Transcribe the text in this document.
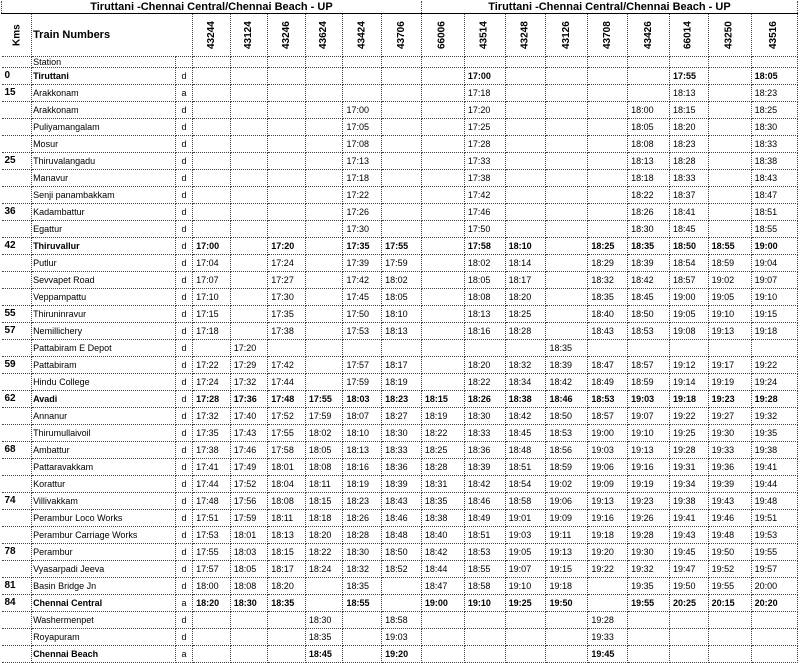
Tiruttani -Chennai Central/Chennai Beach - UP									Tiruttani -Chennai Central/Chennai Beach - UP								
Kms	Train Numbers		43244	43124	43246	43624	43424	43706	66006	43514	43248	43126	43708	43426	66014	43250	43516
	Station																
0	Tiruttani	d								17:00					17:55		18:05
15	Arakkonam	a								17:18					18:13		18:23
	Arakkonam	d					17:00			17:20				18:00	18:15		18:25
	Puliyamangalam	d					17:05			17:25				18:05	18:20		18:30
	Mosur	d					17:08			17:28				18:08	18:23		18:33
25	Thiruvalangadu	d					17:13			17:33				18:13	18:28		18:38
	Manavur	d					17:18			17:38				18:18	18:33		18:43
	Senji panambakkam	d					17:22			17:42				18:22	18:37		18:47
36	Kadambattur	d					17:26			17:46				18:26	18:41		18:51
	Egattur	d					17:30			17:50				18:30	18:45		18:55
42	Thiruvallur	d	17:00		17:20		17:35	17:55		17:58	18:10		18:25	18:35	18:50	18:55	19:00
	Putlur	d	17:04		17:24		17:39	17:59		18:02	18:14		18:29	18:39	18:54	18:59	19:04
	Sevvapet Road	d	17:07		17:27		17:42	18:02		18:05	18:17		18:32	18:42	18:57	19:02	19:07
	Veppampattu	d	17:10		17:30		17:45	18:05		18:08	18:20		18:35	18:45	19:00	19:05	19:10
55	Thiruninravur	d	17:15		17:35		17:50	18:10		18:13	18:25		18:40	18:50	19:05	19:10	19:15
57	Nemillichery	d	17:18		17:38		17:53	18:13		18:16	18:28		18:43	18:53	19:08	19:13	19:18
	Pattabiram E Depot	d		17:20								18:35					
59	Pattabiram	d	17:22	17:29	17:42		17:57	18:17		18:20	18:32	18:39	18:47	18:57	19:12	19:17	19:22
	Hindu College	d	17:24	17:32	17:44		17:59	18:19		18:22	18:34	18:42	18:49	18:59	19:14	19:19	19:24
62	Avadi	d	17:28	17:36	17:48	17:55	18:03	18:23	18:15	18:26	18:38	18:46	18:53	19:03	19:18	19:23	19:28
	Annanur	d	17:32	17:40	17:52	17:59	18:07	18:27	18:19	18:30	18:42	18:50	18:57	19:07	19:22	19:27	19:32
	Thirumullaivoil	d	17:35	17:43	17:55	18:02	18:10	18:30	18:22	18:33	18:45	18:53	19:00	19:10	19:25	19:30	19:35
68	Ambattur	d	17:38	17:46	17:58	18:05	18:13	18:33	18:25	18:36	18:48	18:56	19:03	19:13	19:28	19:33	19:38
	Pattaravakkam	d	17:41	17:49	18:01	18:08	18:16	18:36	18:28	18:39	18:51	18:59	19:06	19:16	19:31	19:36	19:41
	Korattur	d	17:44	17:52	18:04	18:11	18:19	18:39	18:31	18:42	18:54	19:02	19:09	19:19	19:34	19:39	19:44
74	Villivakkam	d	17:48	17:56	18:08	18:15	18:23	18:43	18:35	18:46	18:58	19:06	19:13	19:23	19:38	19:43	19:48
	Perambur Loco Works	d	17:51	17:59	18:11	18:18	18:26	18:46	18:38	18:49	19:01	19:09	19:16	19:26	19:41	19:46	19:51
	Perambur Carriage Works	d	17:53	18:01	18:13	18:20	18:28	18:48	18:40	18:51	19:03	19:11	19:18	19:28	19:43	19:48	19:53
78	Perambur	d	17:55	18:03	18:15	18:22	18:30	18:50	18:42	18:53	19:05	19:13	19:20	19:30	19:45	19:50	19:55
	Vyasarpadi Jeeva	d	17:57	18:05	18:17	18:24	18:32	18:52	18:44	18:55	19:07	19:15	19:22	19:32	19:47	19:52	19:57
81	Basin Bridge Jn	d	18:00	18:08	18:20		18:35		18:47	18:58	19:10	19:18		19:35	19:50	19:55	20:00
84	Chennai Central	a	18:20	18:30	18:35		18:55		19:00	19:10	19:25	19:50		19:55	20:25	20:15	20:20
	Washermenpet	d				18:30		18:58					19:28				
	Royapuram	d				18:35		19:03					19:33				
	Chennai Beach	a				18:45		19:20					19:45				
